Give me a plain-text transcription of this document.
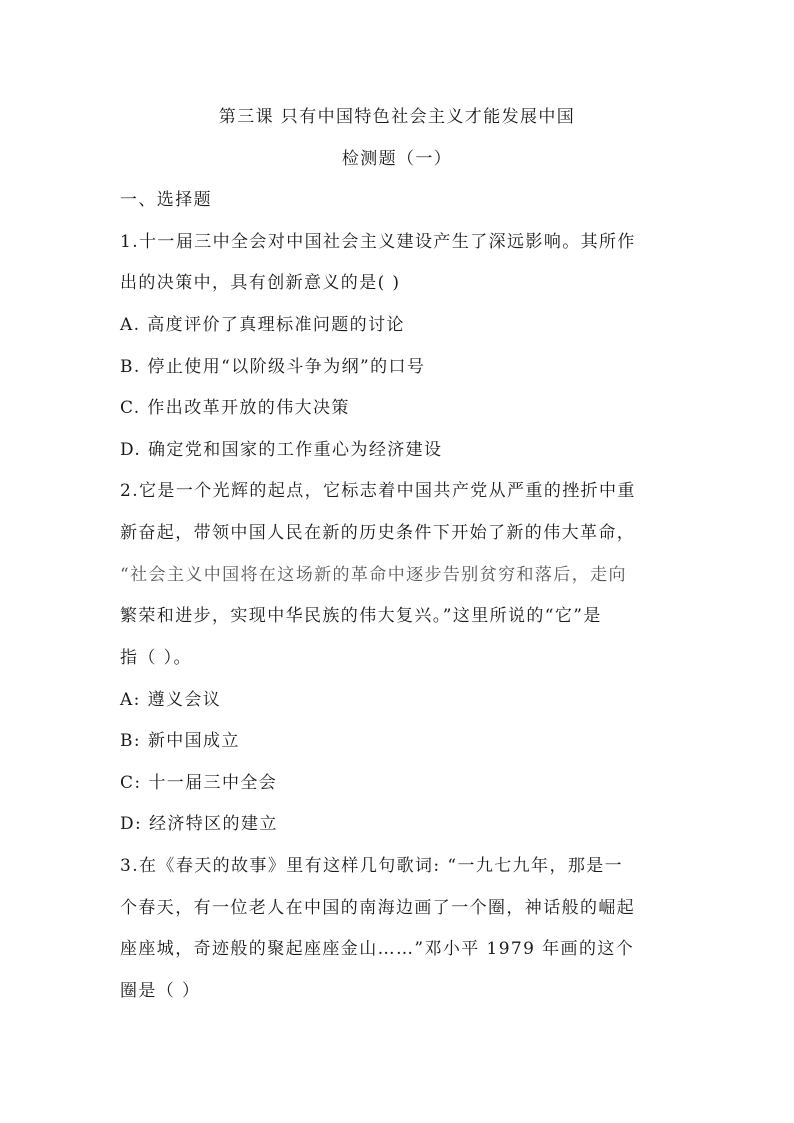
第三课 只有中国特色社会主义才能发展中国
检测题（一）
一、选择题
1.十一届三中全会对中国社会主义建设产生了深远影响。其所作
出的决策中，具有创新意义的是( )
A. 高度评价了真理标准问题的讨论
B. 停止使用“以阶级斗争为纲”的口号
C. 作出改革开放的伟大决策
D. 确定党和国家的工作重心为经济建设
2.它是一个光辉的起点，它标志着中国共产党从严重的挫折中重
新奋起，带领中国人民在新的历史条件下开始了新的伟大革命，
“社会主义中国将在这场新的革命中逐步告别贫穷和落后，走向
繁荣和进步，实现中华民族的伟大复兴。”这里所说的“它”是
指（ ）。
A: 遵义会议
B: 新中国成立
C: 十一届三中全会
D: 经济特区的建立
3.在《春天的故事》里有这样几句歌词: “一九七九年，那是一
个春天，有一位老人在中国的南海边画了一个圈，神话般的崛起
座座城，奇迹般的聚起座座金山……”邓小平 1979 年画的这个
圈是（ ）
